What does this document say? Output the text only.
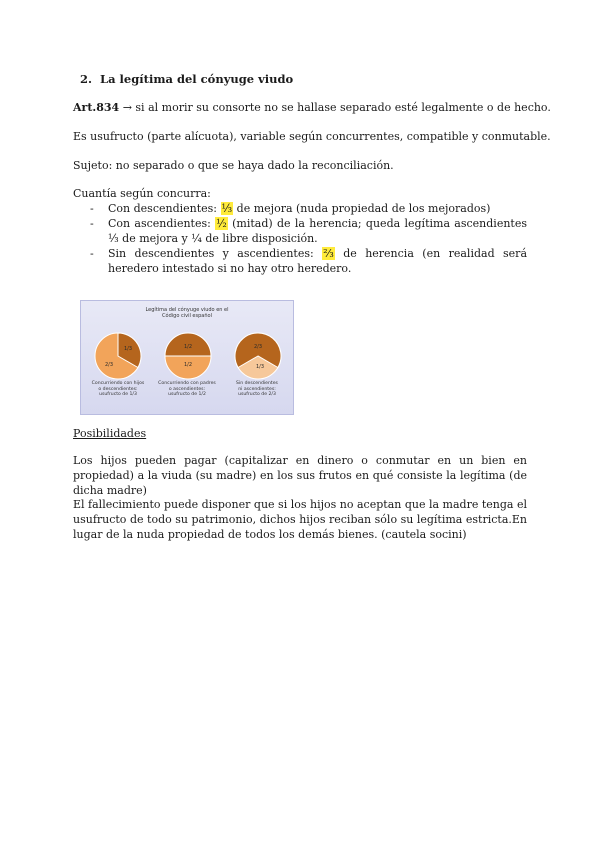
2. La legítima del cónyuge viudo

Art.834 → si al morir su consorte no se hallase separado esté legalmente o de hecho.

Es usufructo (parte alícuota), variable según concurrentes, compatible y conmutable.

Sujeto: no separado o que se haya dado la reconciliación.

Cuantía según concurra:

- Con descendientes: ⅓ de mejora (nuda propiedad de los mejorados)
- Con ascendientes: ½ (mitad) de la herencia; queda legítima ascendientes ⅓ de mejora y ¼ de libre disposición.
- Sin descendientes y ascendientes: ⅔ de herencia (en realidad será heredero intestado si no hay otro heredero.
Legítima del cónyuge viudo en el
Código civil español
1/3
2/3
1/2
1/2
2/3
1/3
Concurriendo con hijos
o descendientes:
usufructo de 1/3
Concurriendo con padres
o ascendientes:
usufructo de 1/2
Sin descendientes
ni ascendientes:
usufructo de 2/3

Posibilidades

Los hijos pueden pagar (capitalizar en dinero o conmutar en un bien en propiedad) a la viuda (su madre) en los sus frutos en qué consiste la legítima (de dicha madre)

El fallecimiento puede disponer que si los hijos no aceptan que la madre tenga el usufructo de todo su patrimonio, dichos hijos reciban sólo su legítima estricta.En lugar de la nuda propiedad de todos los demás bienes. (cautela socini)
